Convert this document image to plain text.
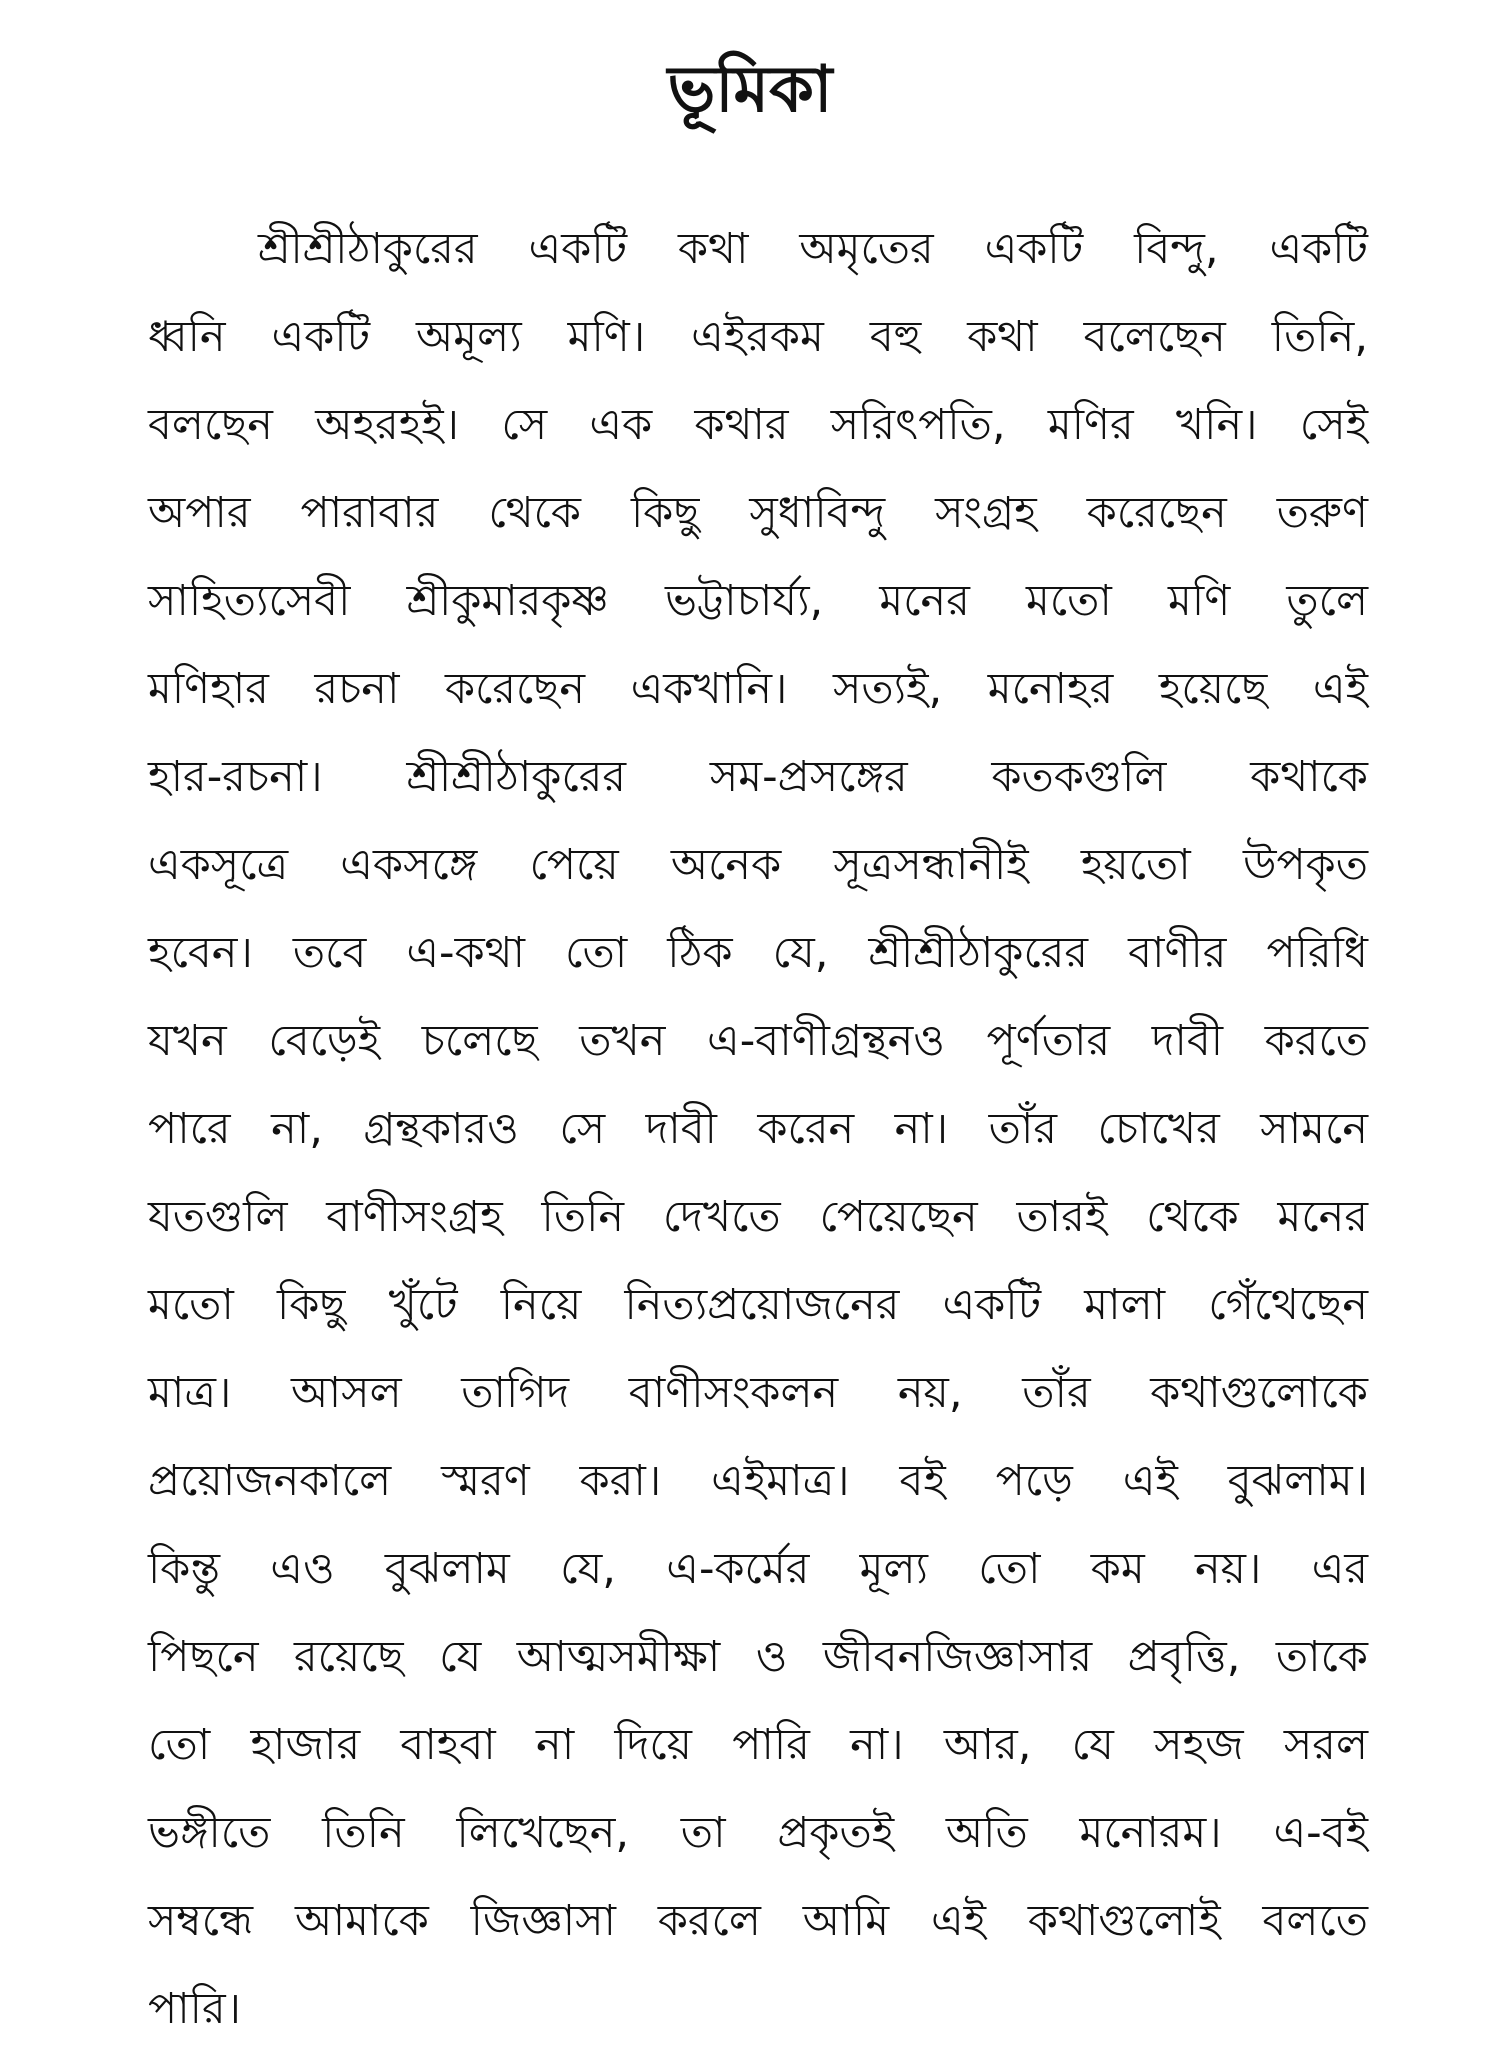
ভূমিকা
শ্রীশ্রীঠাকুরের একটি কথা অমৃতের একটি বিন্দু, একটি
ধ্বনি একটি অমূল্য মণি। এইরকম বহু কথা বলেছেন তিনি,
বলছেন অহরহই। সে এক কথার সরিৎপতি, মণির খনি। সেই
অপার পারাবার থেকে কিছু সুধাবিন্দু সংগ্রহ করেছেন তরুণ
সাহিত্যসেবী শ্রীকুমারকৃষ্ণ ভট্টাচার্য্য, মনের মতো মণি তুলে
মণিহার রচনা করেছেন একখানি। সত্যই, মনোহর হয়েছে এই
হার-রচনা। শ্রীশ্রীঠাকুরের সম-প্রসঙ্গের কতকগুলি কথাকে
একসূত্রে একসঙ্গে পেয়ে অনেক সূত্রসন্ধানীই হয়তো উপকৃত
হবেন। তবে এ-কথা তো ঠিক যে, শ্রীশ্রীঠাকুরের বাণীর পরিধি
যখন বেড়েই চলেছে তখন এ-বাণীগ্রন্থনও পূর্ণতার দাবী করতে
পারে না, গ্রন্থকারও সে দাবী করেন না। তাঁর চোখের সামনে
যতগুলি বাণীসংগ্রহ তিনি দেখতে পেয়েছেন তারই থেকে মনের
মতো কিছু খুঁটে নিয়ে নিত্যপ্রয়োজনের একটি মালা গেঁথেছেন
মাত্র। আসল তাগিদ বাণীসংকলন নয়, তাঁর কথাগুলোকে
প্রয়োজনকালে স্মরণ করা। এইমাত্র। বই পড়ে এই বুঝলাম।
কিন্তু এও বুঝলাম যে, এ-কর্মের মূল্য তো কম নয়। এর
পিছনে রয়েছে যে আত্মসমীক্ষা ও জীবনজিজ্ঞাসার প্রবৃত্তি, তাকে
তো হাজার বাহবা না দিয়ে পারি না। আর, যে সহজ সরল
ভঙ্গীতে তিনি লিখেছেন, তা প্রকৃতই অতি মনোরম। এ-বই
সম্বন্ধে আমাকে জিজ্ঞাসা করলে আমি এই কথাগুলোই বলতে
পারি।
